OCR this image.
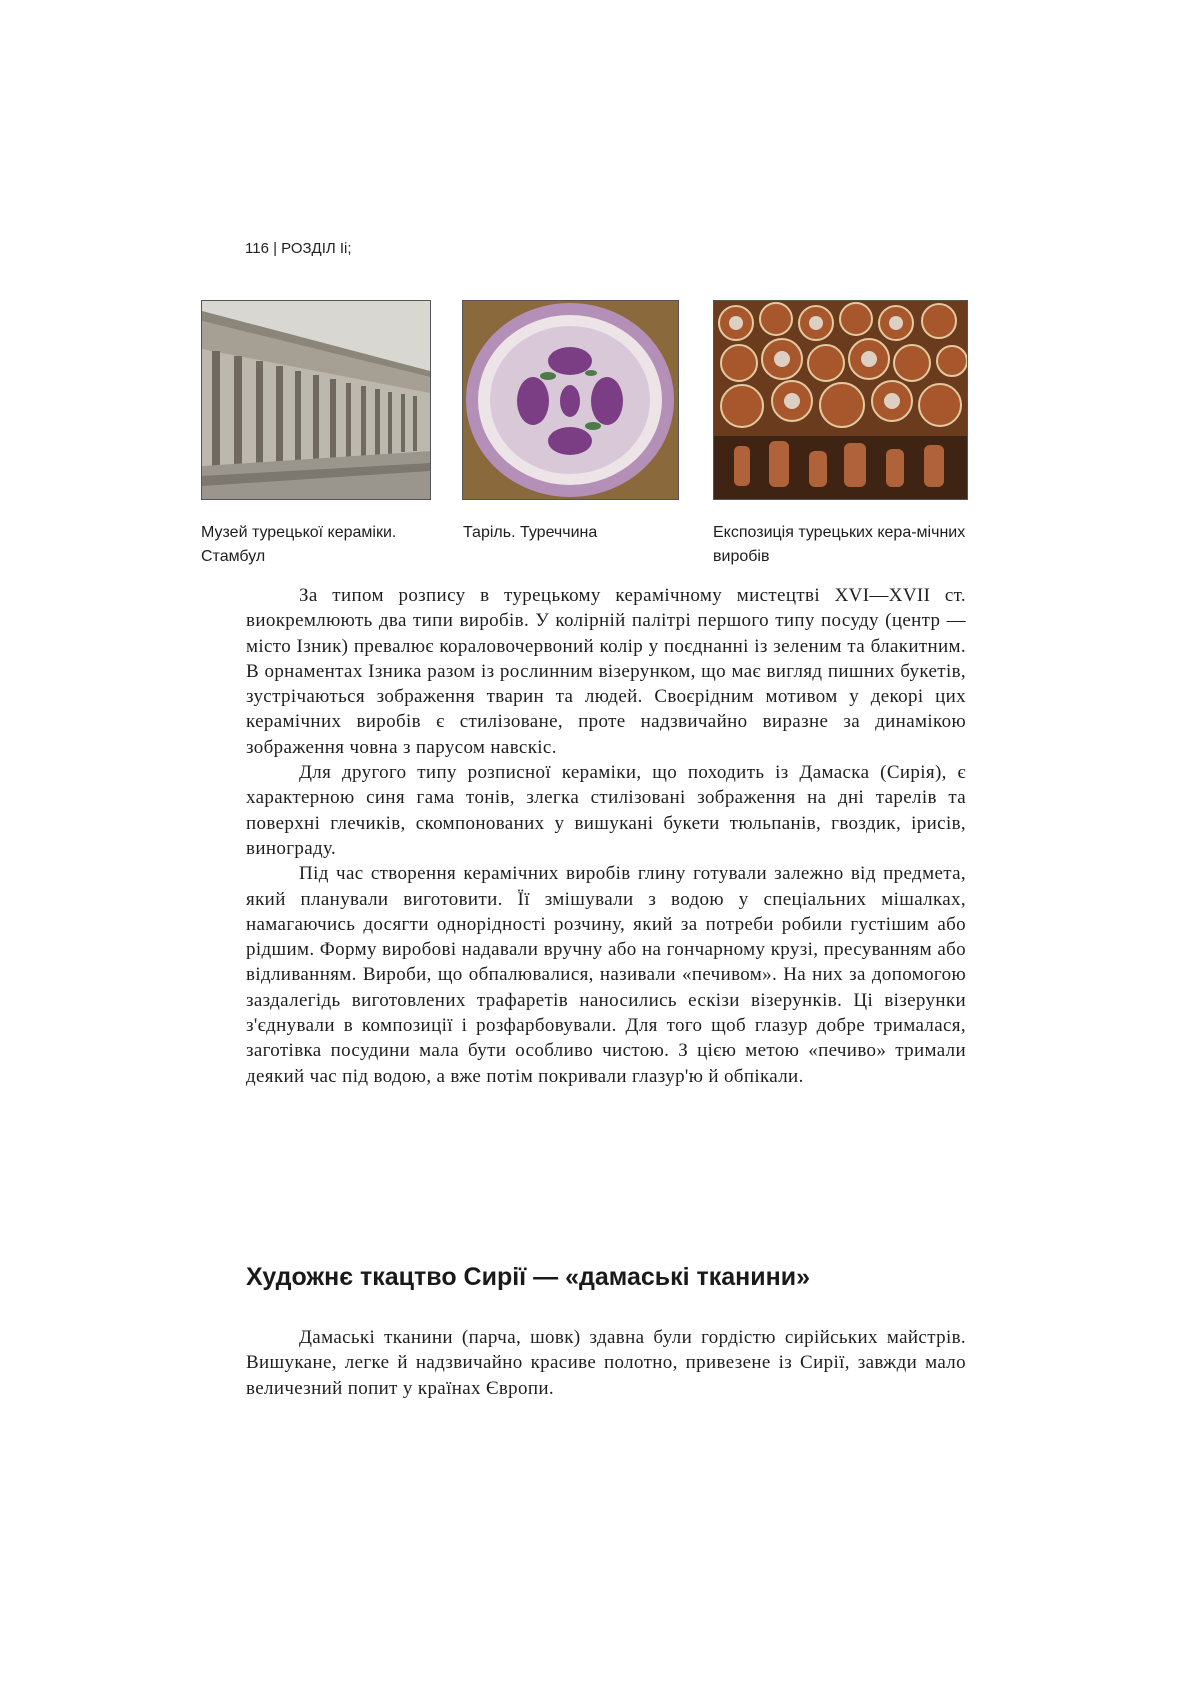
116 | РОЗДІЛ Іі;
Музей турецької кераміки. Стамбул
Таріль. Туреччина	Експозиція турецьких кера-мічних виробів

За типом розпису в турецькому керамічному мистецтві XVI—XVII ст. виокремлюють два типи виробів. У колірній палітрі першого типу посуду (центр — місто Ізник) превалює кораловочервоний колір у поєднанні із зеленим та блакитним. В орнаментах Ізника разом із рослинним візерунком, що має вигляд пишних букетів, зустрічаються зображення тварин та людей. Своєрідним мотивом у декорі цих керамічних виробів є стилізоване, проте надзвичайно виразне за динамікою зображення човна з парусом навскіс.

Для другого типу розписної кераміки, що походить із Дамаска (Сирія), є характерною синя гама тонів, злегка стилізовані зображення на дні тарелів та поверхні глечиків, скомпонованих у вишукані букети тюльпанів, гвоздик, ірисів, винограду.

Під час створення керамічних виробів глину готували залежно від предмета, який планували виготовити. Її змішували з водою у спеціальних мішалках, намагаючись досягти однорідності розчину, який за потреби робили густішим або рідшим. Форму виробові надавали вручну або на гончарному крузі, пресуванням або відливанням. Вироби, що обпалювалися, називали «печивом». На них за допомогою заздалегідь виготовлених трафаретів наносились ескізи візерунків. Ці візерунки з'єднували в композиції і розфарбовували. Для того щоб глазур добре трималася, заготівка посудини мала бути особливо чистою. З цією метою «печиво» тримали деякий час під водою, а вже потім покривали глазур'ю й обпікали.

Художнє ткацтво Сирії — «дамаські тканини»

Дамаські тканини (парча, шовк) здавна були гордістю сирійських майстрів. Вишукане, легке й надзвичайно красиве полотно, привезене із Сирії, завжди мало величезний попит у країнах Європи.
